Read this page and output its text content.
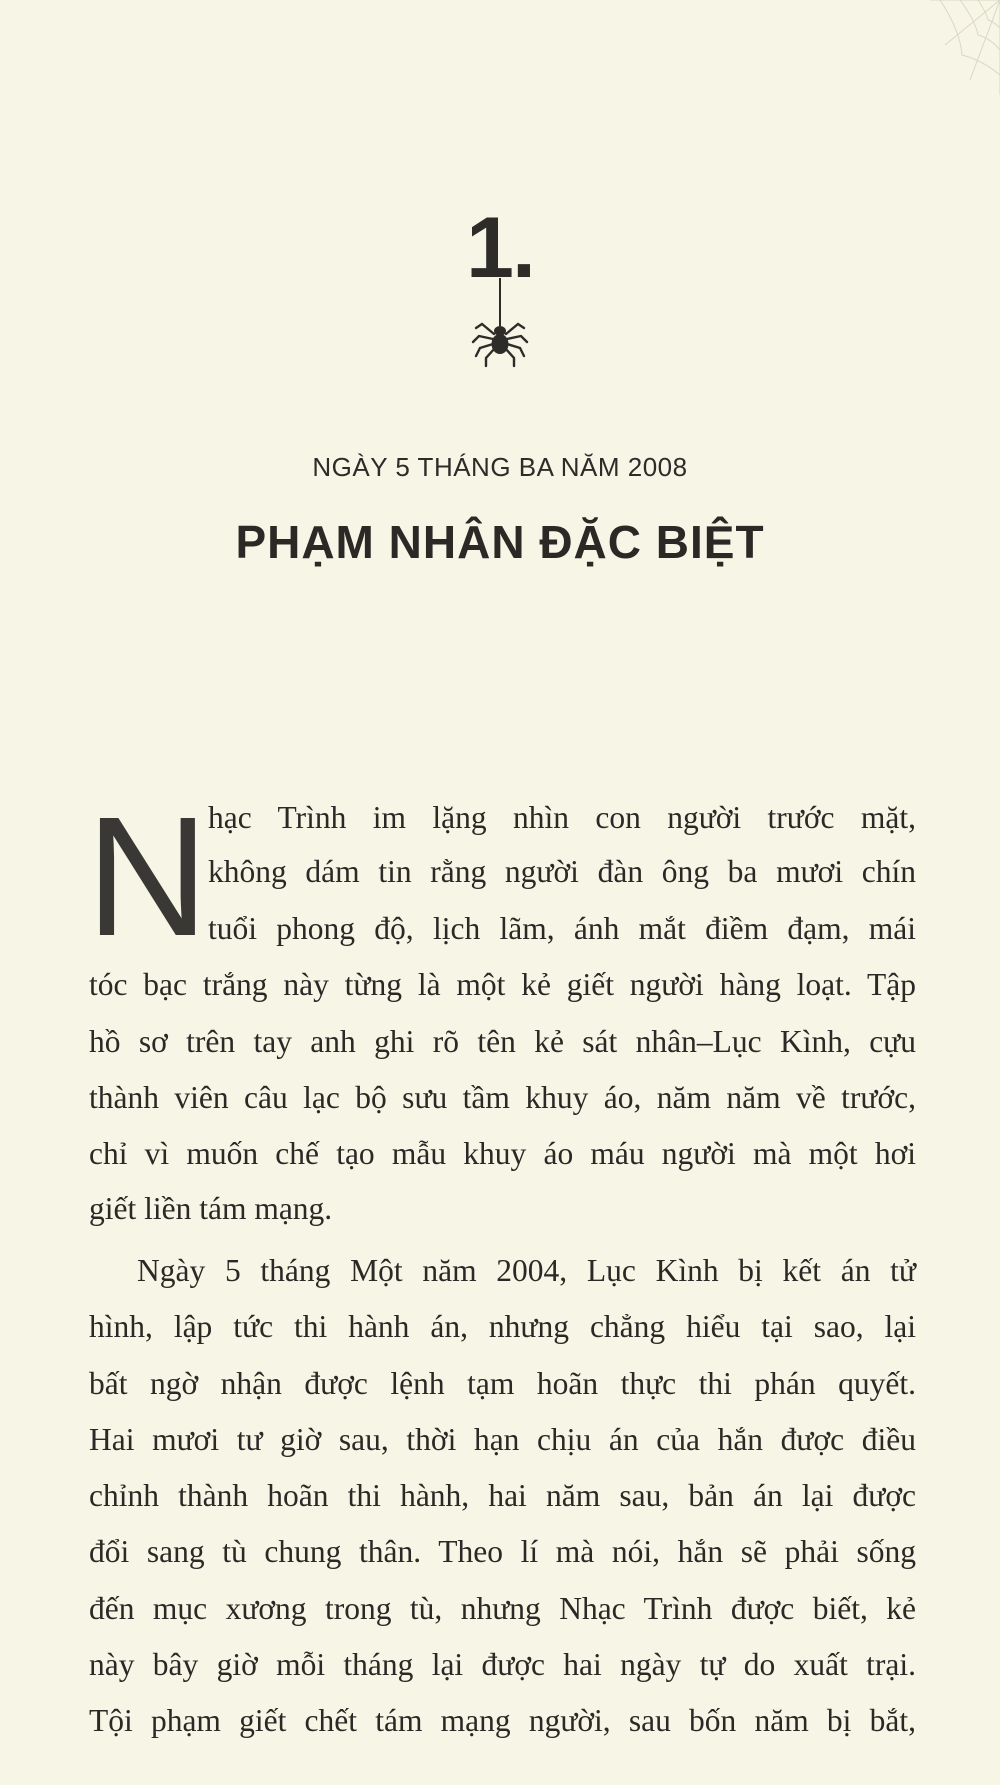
1.
NGÀY 5 THÁNG BA NĂM 2008
PHẠM NHÂN ĐẶC BIỆT
N hạc Trình im lặng nhìn con người trước mặt,
không dám tin rằng người đàn ông ba mươi chín
tuổi phong độ, lịch lãm, ánh mắt điềm đạm, mái
tóc bạc trắng này từng là một kẻ giết người hàng loạt. Tập
hồ sơ trên tay anh ghi rõ tên kẻ sát nhân–Lục Kình, cựu
thành viên câu lạc bộ sưu tầm khuy áo, năm năm về trước,
chỉ vì muốn chế tạo mẫu khuy áo máu người mà một hơi
giết liền tám mạng.
Ngày 5 tháng Một năm 2004, Lục Kình bị kết án tử
hình, lập tức thi hành án, nhưng chẳng hiểu tại sao, lại
bất ngờ nhận được lệnh tạm hoãn thực thi phán quyết.
Hai mươi tư giờ sau, thời hạn chịu án của hắn được điều
chỉnh thành hoãn thi hành, hai năm sau, bản án lại được
đổi sang tù chung thân. Theo lí mà nói, hắn sẽ phải sống
đến mục xương trong tù, nhưng Nhạc Trình được biết, kẻ
này bây giờ mỗi tháng lại được hai ngày tự do xuất trại.
Tội phạm giết chết tám mạng người, sau bốn năm bị bắt,
